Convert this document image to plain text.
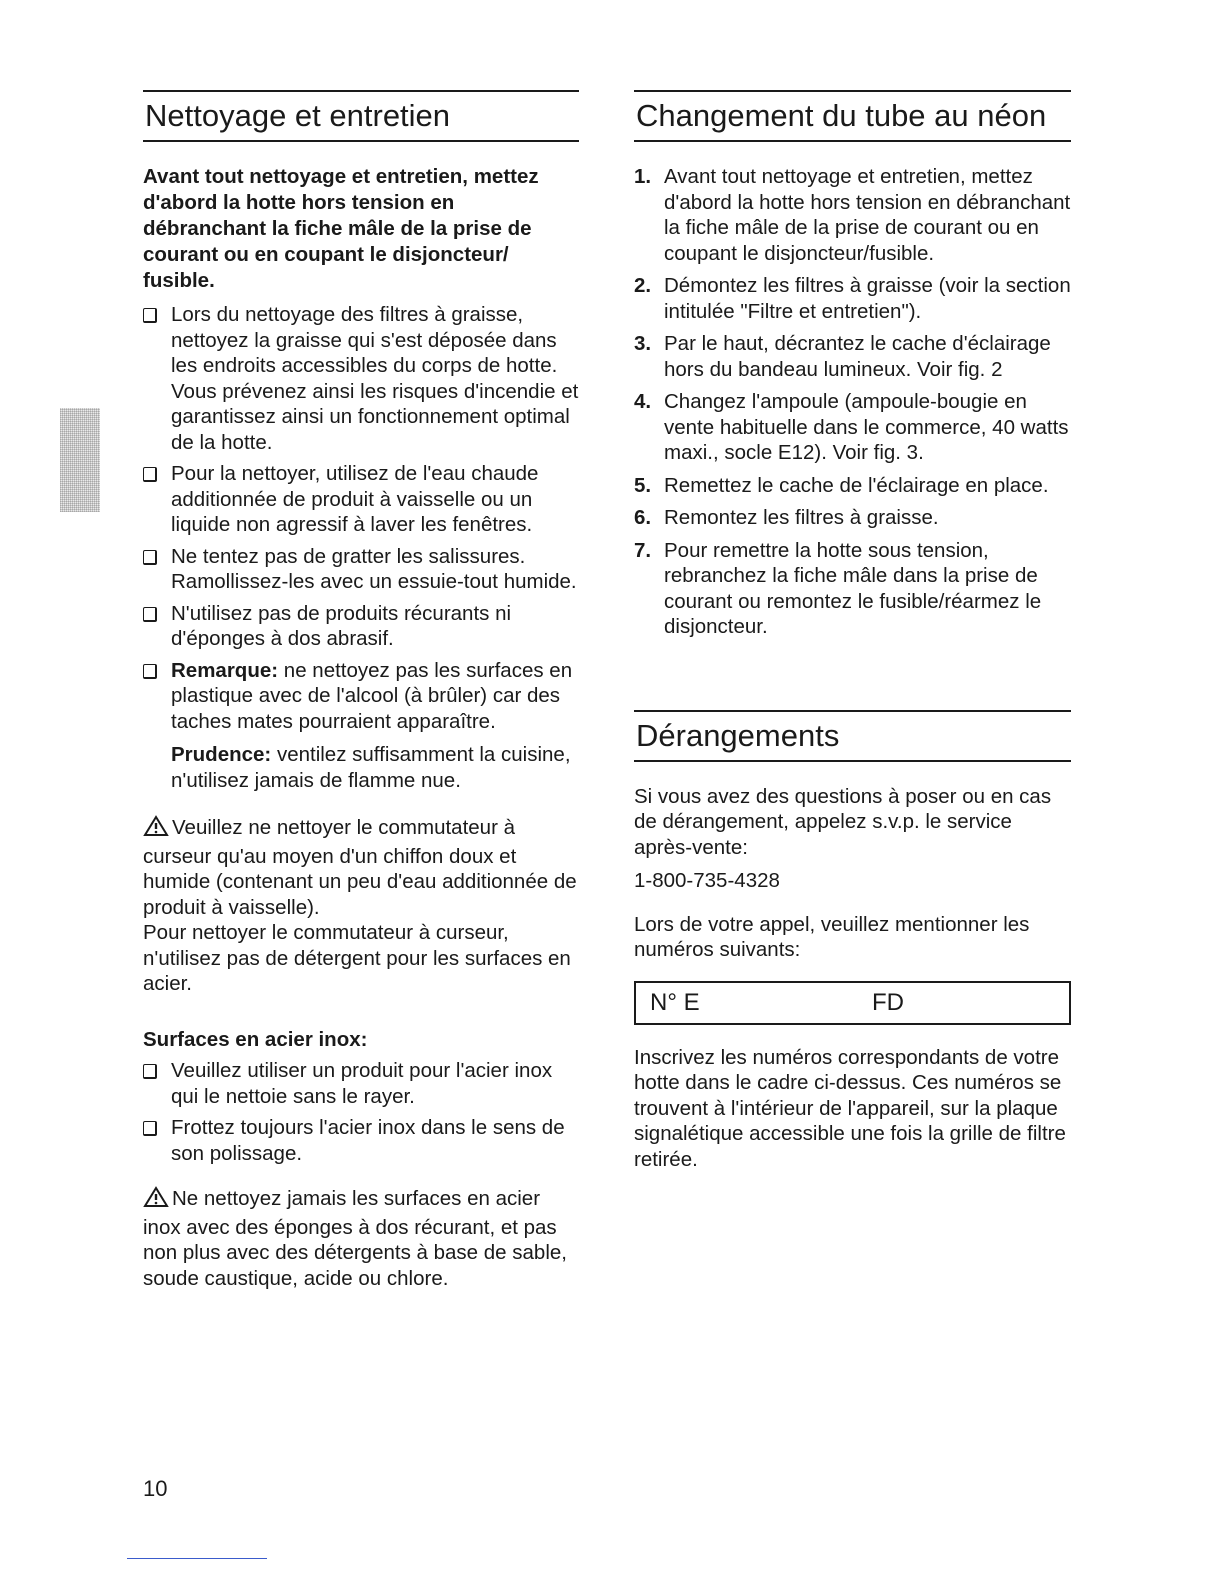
Nettoyage et entretien

Avant tout nettoyage et entretien, mettez d'abord la hotte hors tension en débranchant la fiche mâle de la prise de courant ou en coupant le disjoncteur/ fusible.

Lors du nettoyage des filtres à graisse, nettoyez la graisse qui s'est déposée dans les endroits accessibles du corps de hotte. Vous prévenez ainsi les risques d'incendie et garantissez ainsi un fonctionnement optimal de la hotte.
Pour la nettoyer, utilisez de l'eau chaude additionnée de produit à vaisselle ou un liquide non agressif à laver les fenêtres.
Ne tentez pas de gratter les salissures. Ramollissez-les avec un essuie-tout humide.
N'utilisez pas de produits récurants ni d'éponges à dos abrasif.
Remarque: ne nettoyez pas les surfaces en plastique avec de l'alcool (à brûler) car des taches mates pourraient apparaître.

Prudence: ventilez suffisamment la cuisine, n'utilisez jamais de flamme nue.

Veuillez ne nettoyer le commutateur à curseur qu'au moyen d'un chiffon doux et humide (contenant un peu d'eau additionnée de produit à vaisselle).

Pour nettoyer le commutateur à curseur, n'utilisez pas de détergent pour les surfaces en acier.

Surfaces en acier inox:

Veuillez utiliser un produit pour l'acier inox qui le nettoie sans le rayer.
Frottez toujours l'acier inox dans le sens de son polissage.

Ne nettoyez jamais les surfaces en acier inox avec des éponges à dos récurant, et pas non plus avec des détergents à base de sable, soude caustique, acide ou chlore.

Changement du tube au néon
1. Avant tout nettoyage et entretien, mettez d'abord la hotte hors tension en débranchant la fiche mâle de la prise de courant ou en coupant le disjoncteur/fusible.
2. Démontez les filtres à graisse (voir la section intitulée "Filtre et entretien").
3. Par le haut, décrantez le cache d'éclairage hors du bandeau lumineux. Voir fig. 2
4. Changez l'ampoule (ampoule-bougie en vente habituelle dans le commerce, 40 watts maxi., socle E12). Voir fig. 3.
5. Remettez le cache de l'éclairage en place.
6. Remontez les filtres à graisse.
7. Pour remettre la hotte sous tension, rebranchez la fiche mâle dans la prise de courant ou remontez le fusible/réarmez le disjoncteur.
Dérangements

Si vous avez des questions à poser ou en cas de dérangement, appelez s.v.p. le service après-vente:

1-800-735-4328

Lors de votre appel, veuillez mentionner les numéros suivants:

N° E	FD

Inscrivez les numéros correspondants de votre hotte dans le cadre ci-dessus. Ces numéros se trouvent à l'intérieur de l'appareil, sur la plaque signalétique accessible une fois la grille de filtre retirée.

10
